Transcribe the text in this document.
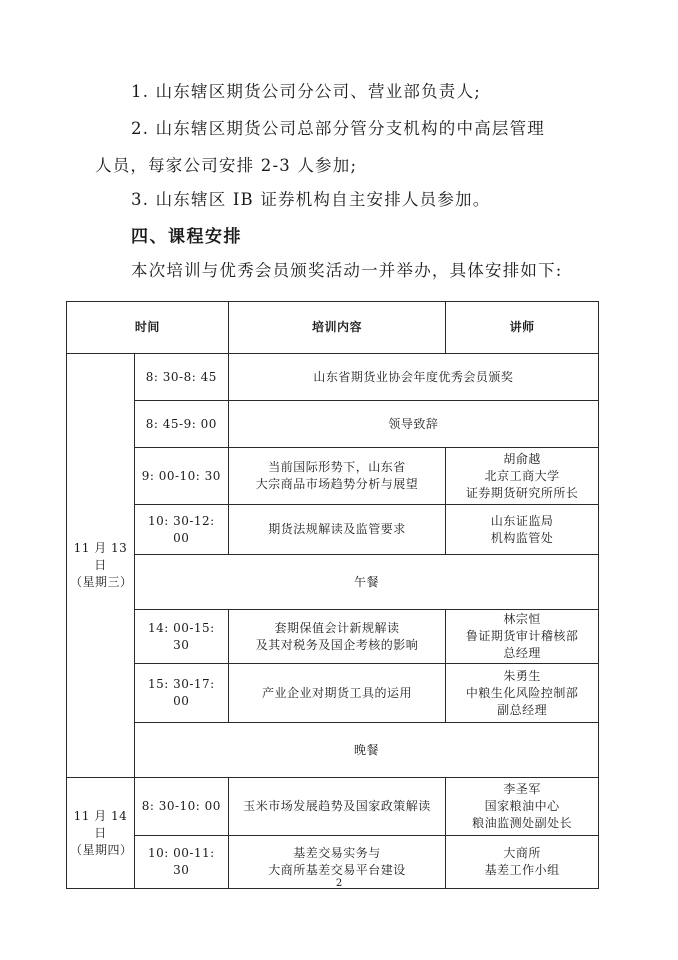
1. 山东辖区期货公司分公司、营业部负责人;
2. 山东辖区期货公司总部分管分支机构的中高层管理
人员，每家公司安排 2-3 人参加;
3. 山东辖区 IB 证券机构自主安排人员参加。
四、课程安排
本次培训与优秀会员颁奖活动一并举办，具体安排如下:
时间		培训内容	讲师

11 月 13 日
（星期三）	8: 30-8: 45	山东省期货业协会年度优秀会员颁奖	
	8: 45-9: 00	领导致辞	
	9: 00-10: 30	当前国际形势下，山东省
大宗商品市场趋势分析与展望	胡俞越
北京工商大学
证券期货研究所所长

	10: 30-12: 00	期货法规解读及监管要求	山东证监局
机构监管处

	午餐		
	14: 00-15: 30	套期保值会计新规解读
及其对税务及国企考核的影响	林宗恒
鲁证期货审计稽核部
总经理

	15: 30-17: 00	产业企业对期货工具的运用	朱勇生
中粮生化风险控制部
副总经理

	晚餐		

11 月 14 日
（星期四）	8: 30-10: 00	玉米市场发展趋势及国家政策解读	李圣军
国家粮油中心
粮油监测处副处长

	10: 00-11: 30	基差交易实务与
大商所基差交易平台建设	大商所
基差工作小组
2
